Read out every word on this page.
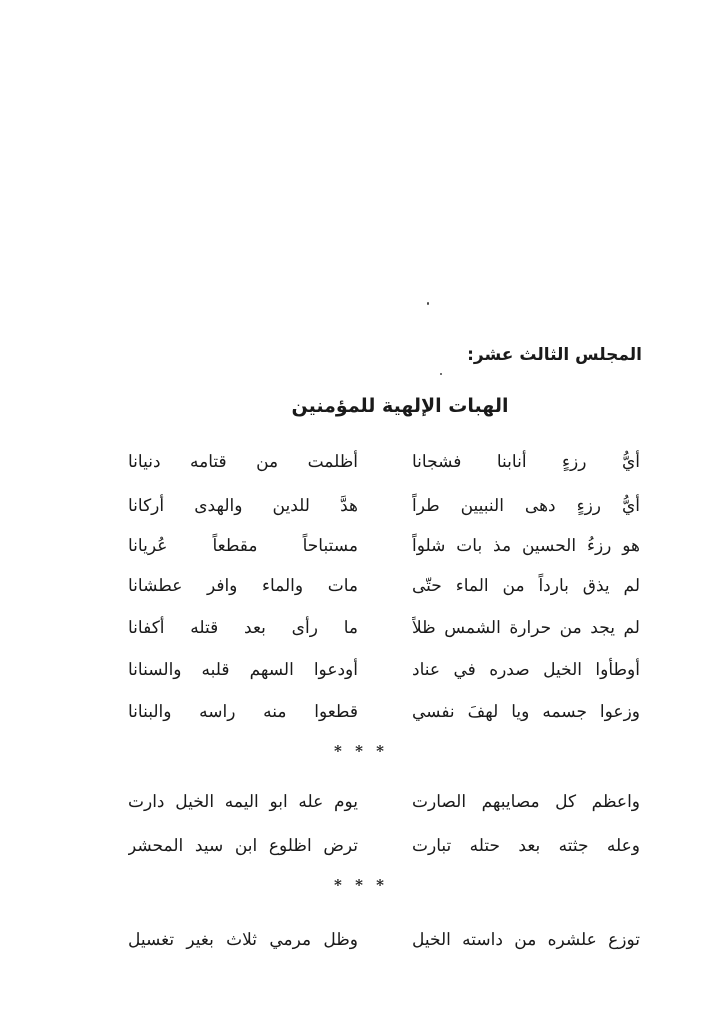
المجلس الثالث عشر:
الهبات الإلهية للمؤمنين
أيُّ رزءٍ أنابنا فشجانا
أظلمت من قتامه دنيانا
أيُّ رزءٍ دهى النبيين طراً
هدَّ للدين والهدى أركانا
هو رزءُ الحسين مذ بات شلواً
مستباحاً مقطعاً عُريانا
لم يذق بارداً من الماء حتّى
مات والماء وافر عطشانا
لم يجد من حرارة الشمس ظلاً
ما رأى بعد قتله أكفانا
أوطأوا الخيل صدره في عناد
أودعوا السهم قلبه والسنانا
وزعوا جسمه ويا لهفَ نفسي
قطعوا منه راسه والبنانا
* * *
واعظم كل مصايبهم الصارت
يوم عله ابو اليمه الخيل دارت
وعله جثته بعد حتله تبارت
ترض اظلوع ابن سيد المحشر
* * *
توزع علشره من داسته الخيل
وظل مرمي ثلاث بغير تغسيل
